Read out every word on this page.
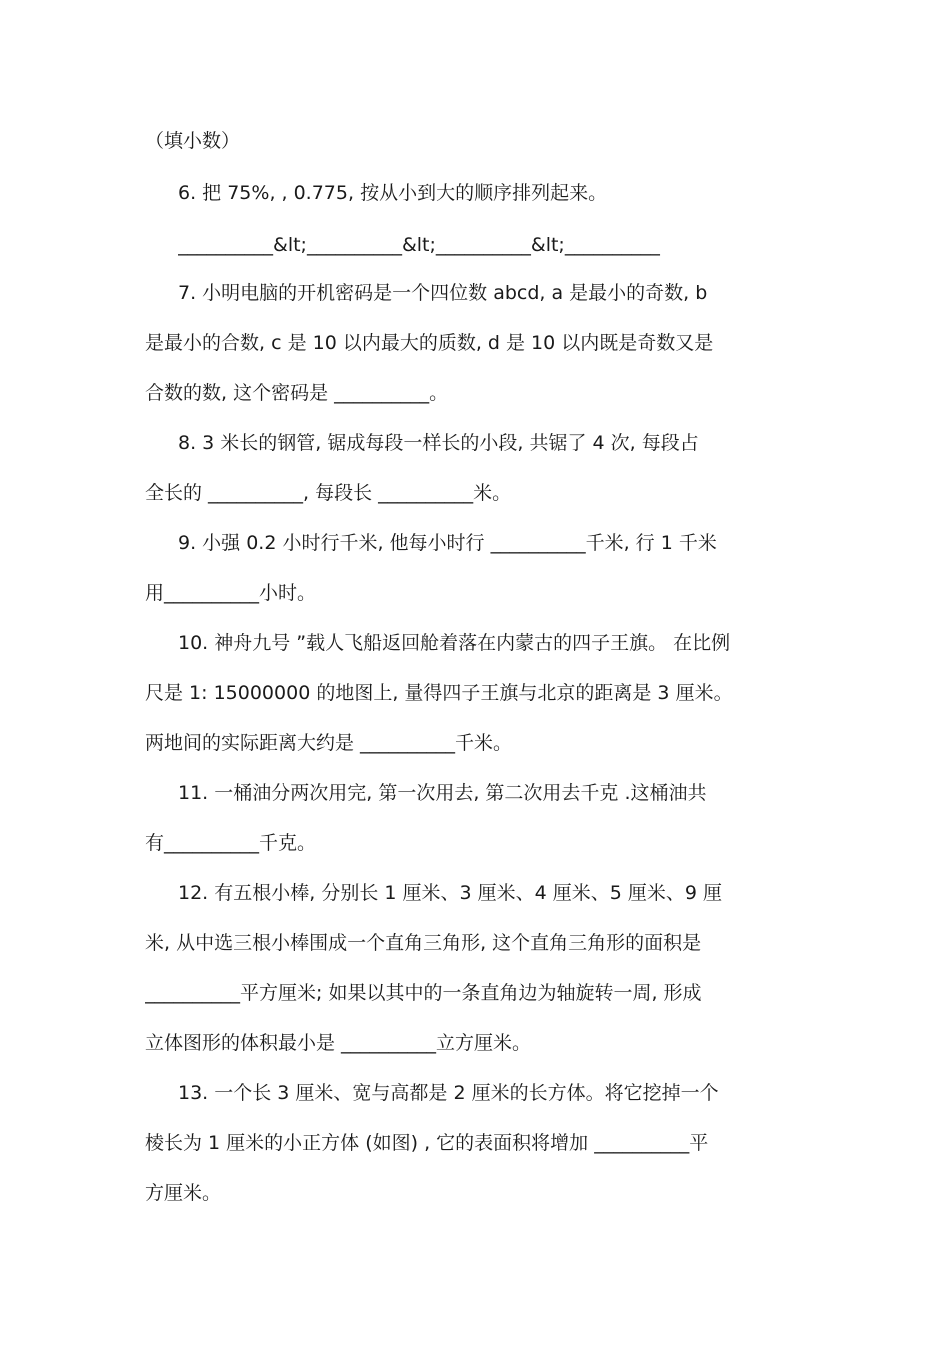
（填小数）
6. 把 75%, , 0.775, 按从小到大的顺序排列起来。
__________&lt;__________&lt;__________&lt;__________
7. 小明电脑的开机密码是一个四位数 abcd, a 是最小的奇数, b
是最小的合数, c 是 10 以内最大的质数, d 是 10 以内既是奇数又是
合数的数, 这个密码是 __________。
8. 3 米长的钢管, 锯成每段一样长的小段, 共锯了 4 次, 每段占
全长的 __________, 每段长 __________米。
9. 小强 0.2 小时行千米, 他每小时行 __________千米, 行 1 千米
用__________小时。
10. 神舟九号 ”载人飞船返回舱着落在内蒙古的四子王旗。 在比例
尺是 1: 15000000 的地图上, 量得四子王旗与北京的距离是 3 厘米。
两地间的实际距离大约是 __________千米。
11. 一桶油分两次用完, 第一次用去, 第二次用去千克 .这桶油共
有__________千克。
12. 有五根小棒, 分别长 1 厘米、3 厘米、4 厘米、5 厘米、9 厘
米, 从中选三根小棒围成一个直角三角形, 这个直角三角形的面积是
__________平方厘米; 如果以其中的一条直角边为轴旋转一周, 形成
立体图形的体积最小是 __________立方厘米。
13. 一个长 3 厘米、宽与高都是 2 厘米的长方体。将它挖掉一个
棱长为 1 厘米的小正方体 (如图) , 它的表面积将增加 __________平
方厘米。
